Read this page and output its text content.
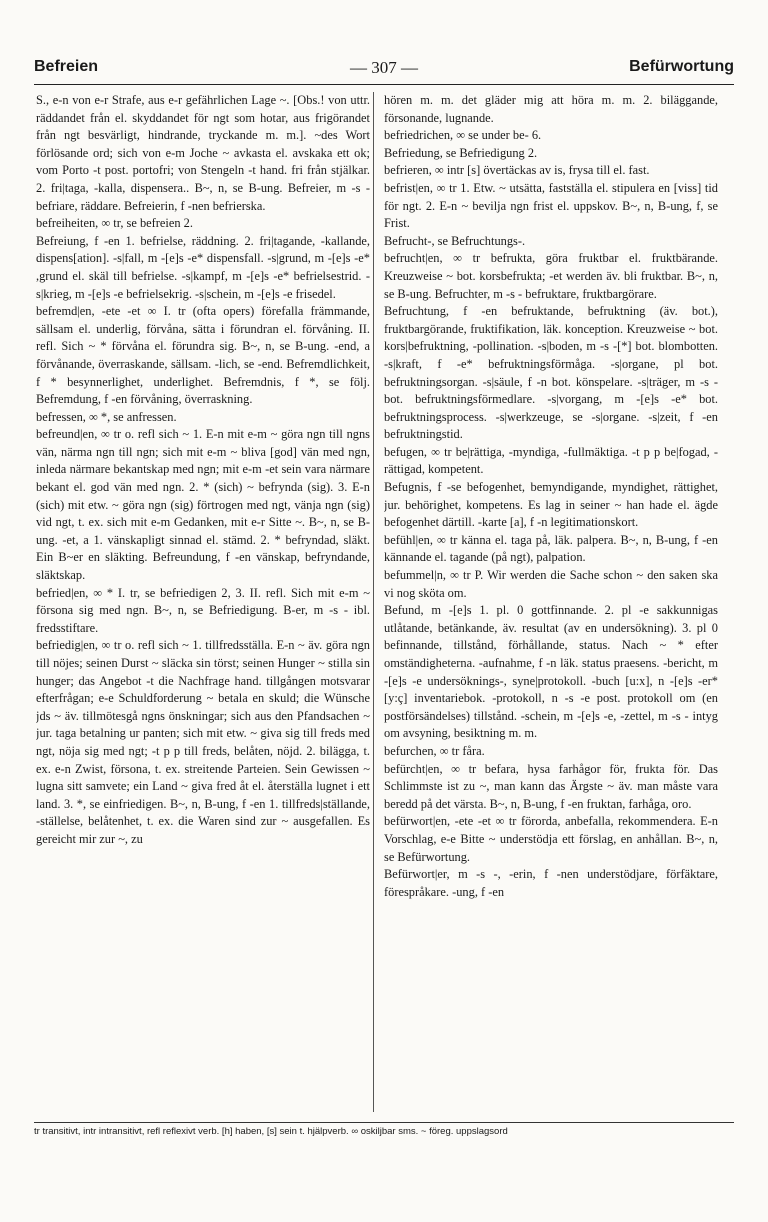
Befreien	— 307 —	Befürwortung

S., e-n von e-r Strafe, aus e-r gefährlichen Lage ~. [Obs.! von uttr. räddandet från el. skyddandet för ngt som hotar, aus frigörandet från ngt besvärligt, hindrande, tryckande m. m.]. ~des Wort förlösande ord; sich von e-m Joche ~ avkasta el. avskaka ett ok; vom Porto -t post. portofri; von Stengeln -t hand. fri från stjälkar. 2. fri|taga, -kalla, dispensera.. B~, n, se B-ung. Befreier, m -s - befriare, räddare. Befreierin, f -nen befrierska.

befreiheiten, ∞ tr, se befreien 2.

Befreiung, f -en 1. befrielse, räddning. 2. fri|tagande, -kallande, dispens[ation]. -s|fall, m -[e]s -e* dispensfall. -s|grund, m -[e]s -e* ,grund el. skäl till befrielse. -s|kampf, m -[e]s -e* befrielsestrid. -s|krieg, m -[e]s -e befrielsekrig. -s|schein, m -[e]s -e frisedel.

befremd|en, -ete -et ∞ I. tr (ofta opers) förefalla främmande, sällsam el. underlig, förvåna, sätta i förundran el. förvåning. II. refl. Sich ~ * förvåna el. förundra sig. B~, n, se B-ung. -end, a förvånande, överraskande, sällsam. -lich, se -end. Befremdlichkeit, f * besynnerlighet, underlighet. Befremdnis, f *, se följ. Befremdung, f -en förvåning, överraskning.

befressen, ∞ *, se anfressen.

befreund|en, ∞ tr o. refl sich ~ 1. E-n mit e-m ~ göra ngn till ngns vän, närma ngn till ngn; sich mit e-m ~ bliva [god] vän med ngn, inleda närmare bekantskap med ngn; mit e-m -et sein vara närmare bekant el. god vän med ngn. 2. * (sich) ~ befrynda (sig). 3. E-n (sich) mit etw. ~ göra ngn (sig) förtrogen med ngt, vänja ngn (sig) vid ngt, t. ex. sich mit e-m Gedanken, mit e-r Sitte ~. B~, n, se B-ung. -et, a 1. vänskapligt sinnad el. stämd. 2. * befryndad, släkt. Ein B~er en släkting. Befreundung, f -en vänskap, befryndande, släktskap.

befried|en, ∞ * I. tr, se befriedigen 2, 3. II. refl. Sich mit e-m ~ försona sig med ngn. B~, n, se Befriedigung. B-er, m -s - ibl. fredsstiftare.

befriedig|en, ∞ tr o. refl sich ~ 1. tillfredsställa. E-n ~ äv. göra ngn till nöjes; seinen Durst ~ släcka sin törst; seinen Hunger ~ stilla sin hunger; das Angebot -t die Nachfrage hand. tillgången motsvarar efterfrågan; e-e Schuldforderung ~ betala en skuld; die Wünsche jds ~ äv. tillmötesgå ngns önskningar; sich aus den Pfandsachen ~ jur. taga betalning ur panten; sich mit etw. ~ giva sig till freds med ngt, nöja sig med ngt; -t p p till freds, belåten, nöjd. 2. bilägga, t. ex. e-n Zwist, försona, t. ex. streitende Parteien. Sein Gewissen ~ lugna sitt samvete; ein Land ~ giva fred åt el. återställa lugnet i ett land. 3. *, se einfriedigen. B~, n, B-ung, f -en 1. tillfreds|ställande, -ställelse, belåtenhet, t. ex. die Waren sind zur ~ ausgefallen. Es gereicht mir zur ~, zu

hören m. m. det gläder mig att höra m. m. 2. biläggande, försonande, lugnande.

befriedrichen, ∞ se under be- 6.

Befriedung, se Befriedigung 2.

befrieren, ∞ intr [s] övertäckas av is, frysa till el. fast.

befrist|en, ∞ tr 1. Etw. ~ utsätta, fastställa el. stipulera en [viss] tid för ngt. 2. E-n ~ bevilja ngn frist el. uppskov. B~, n, B-ung, f, se Frist.

Befrucht-, se Befruchtungs-.

befrucht|en, ∞ tr befrukta, göra fruktbar el. fruktbärande. Kreuzweise ~ bot. korsbefrukta; -et werden äv. bli fruktbar. B~, n, se B-ung. Befruchter, m -s - befruktare, fruktbargörare.

Befruchtung, f -en befruktande, befruktning (äv. bot.), fruktbargörande, fruktifikation, läk. konception. Kreuzweise ~ bot. kors|befruktning, -pollination. -s|boden, m -s -[*] bot. blombotten. -s|kraft, f -e* befruktningsförmåga. -s|organe, pl bot. befruktningsorgan. -s|säule, f -n bot. könspelare. -s|träger, m -s - bot. befruktningsförmedlare. -s|vorgang, m -[e]s -e* bot. befruktningsprocess. -s|werkzeuge, se -s|organe. -s|zeit, f -en befruktningstid.

befugen, ∞ tr be|rättiga, -myndiga, -fullmäktiga. -t p p be|fogad, -rättigad, kompetent.

Befugnis, f -se befogenhet, bemyndigande, myndighet, rättighet, jur. behörighet, kompetens. Es lag in seiner ~ han hade el. ägde befogenhet därtill. -karte [a], f -n legitimationskort.

befühl|en, ∞ tr känna el. taga på, läk. palpera. B~, n, B-ung, f -en kännande el. tagande (på ngt), palpation.

befummel|n, ∞ tr P. Wir werden die Sache schon ~ den saken ska vi nog sköta om.

Befund, m -[e]s 1. pl. 0 gottfinnande. 2. pl -e sakkunnigas utlåtande, betänkande, äv. resultat (av en undersökning). 3. pl 0 befinnande, tillstånd, förhållande, status. Nach ~ * efter omständigheterna. -aufnahme, f -n läk. status praesens. -bericht, m -[e]s -e undersöknings-, syne|protokoll. -buch [u:x], n -[e]s -er* [y:ç] inventariebok. -protokoll, n -s -e post. protokoll om (en postförsändelses) tillstånd. -schein, m -[e]s -e, -zettel, m -s - intyg om avsyning, besiktning m. m.

befurchen, ∞ tr fåra.

befürcht|en, ∞ tr befara, hysa farhågor för, frukta för. Das Schlimmste ist zu ~, man kann das Ärgste ~ äv. man måste vara beredd på det värsta. B~, n, B-ung, f -en fruktan, farhåga, oro.

befürwort|en, -ete -et ∞ tr förorda, anbefalla, rekommendera. E-n Vorschlag, e-e Bitte ~ understödja ett förslag, en anhållan. B~, n, se Befürwortung.

Befürwort|er, m -s -, -erin, f -nen understödjare, förfäktare, förespråkare. -ung, f -en

tr transitivt, intr intransitivt, refl reflexivt verb. [h] haben, [s] sein t. hjälpverb. ∞ oskiljbar sms. ~ föreg. uppslagsord
